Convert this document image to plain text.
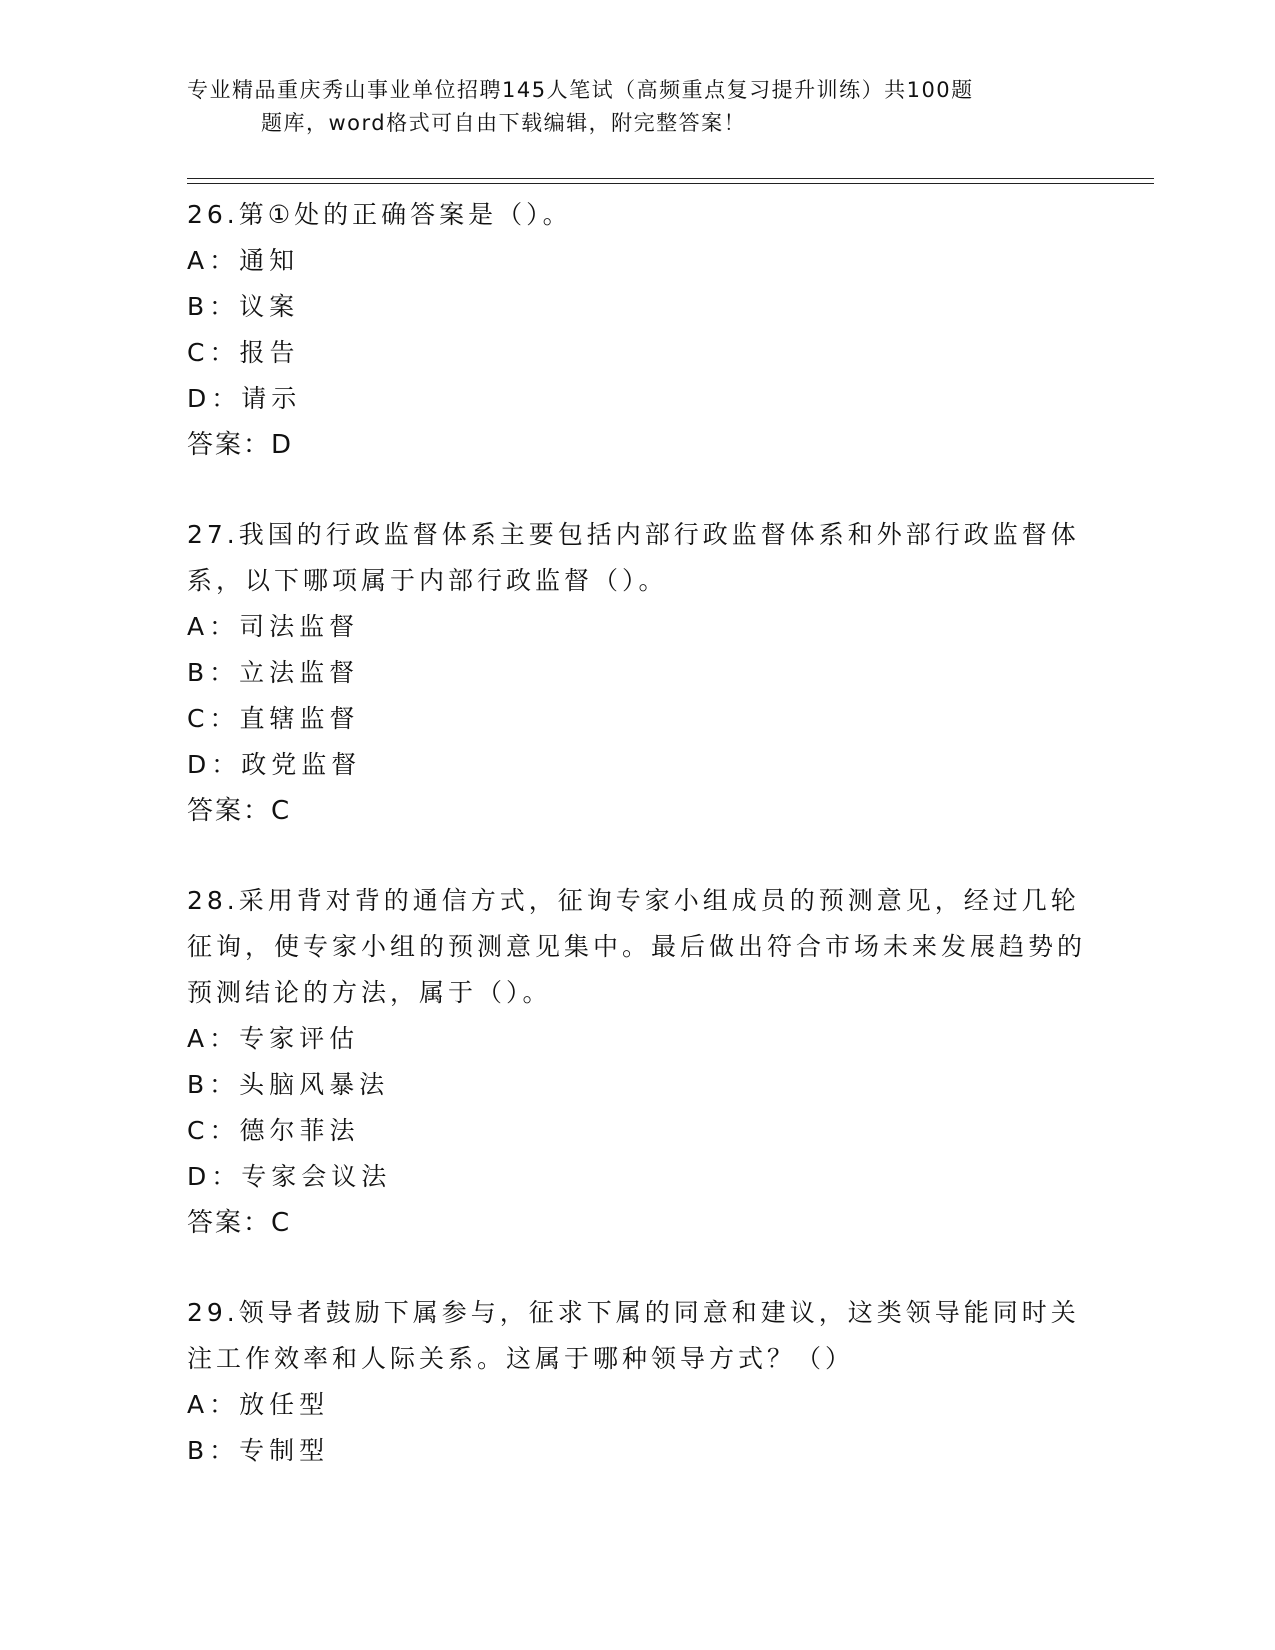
专业精品重庆秀山事业单位招聘145人笔试（高频重点复习提升训练）共100题
题库，word格式可自由下载编辑，附完整答案！

26.第①处的正确答案是（）。

A：通知

B：议案

C：报告

D：请示

答案：D

27.我国的行政监督体系主要包括内部行政监督体系和外部行政监督体系，以下哪项属于内部行政监督（）。

A：司法监督

B：立法监督

C：直辖监督

D：政党监督

答案：C

28.采用背对背的通信方式，征询专家小组成员的预测意见，经过几轮征询，使专家小组的预测意见集中。最后做出符合市场未来发展趋势的预测结论的方法，属于（）。

A：专家评估

B：头脑风暴法

C：德尔菲法

D：专家会议法

答案：C

29.领导者鼓励下属参与，征求下属的同意和建议，这类领导能同时关注工作效率和人际关系。这属于哪种领导方式？（）

A：放任型

B：专制型
